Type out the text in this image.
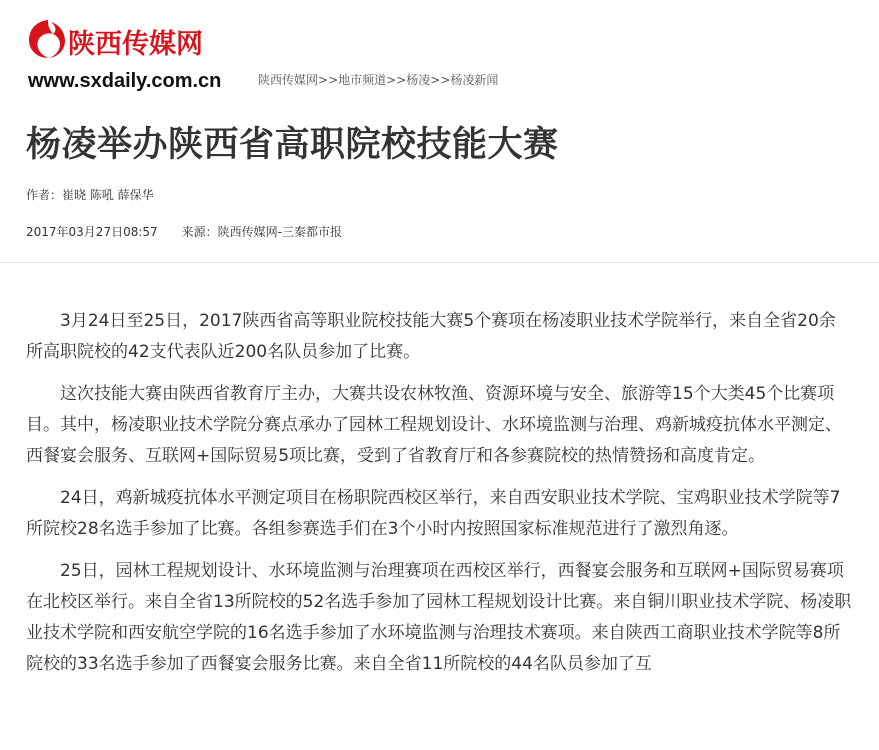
陕西传媒网
www.sxdaily.com.cn	陕西传媒网>>地市频道>>杨凌>>杨凌新闻
杨凌举办陕西省高职院校技能大赛
作者：崔晓 陈吼 薛保华
2017年03月27日08:57 来源：陕西传媒网-三秦都市报

3月24日至25日，2017陕西省高等职业院校技能大赛5个赛项在杨凌职业技术学院举行，来自全省20余所高职院校的42支代表队近200名队员参加了比赛。

这次技能大赛由陕西省教育厅主办，大赛共设农林牧渔、资源环境与安全、旅游等15个大类45个比赛项目。其中，杨凌职业技术学院分赛点承办了园林工程规划设计、水环境监测与治理、鸡新城疫抗体水平测定、西餐宴会服务、互联网+国际贸易5项比赛，受到了省教育厅和各参赛院校的热情赞扬和高度肯定。

24日，鸡新城疫抗体水平测定项目在杨职院西校区举行，来自西安职业技术学院、宝鸡职业技术学院等7所院校28名选手参加了比赛。各组参赛选手们在3个小时内按照国家标准规范进行了激烈角逐。

25日，园林工程规划设计、水环境监测与治理赛项在西校区举行，西餐宴会服务和互联网+国际贸易赛项在北校区举行。来自全省13所院校的52名选手参加了园林工程规划设计比赛。来自铜川职业技术学院、杨凌职业技术学院和西安航空学院的16名选手参加了水环境监测与治理技术赛项。来自陕西工商职业技术学院等8所院校的33名选手参加了西餐宴会服务比赛。来自全省11所院校的44名队员参加了互
